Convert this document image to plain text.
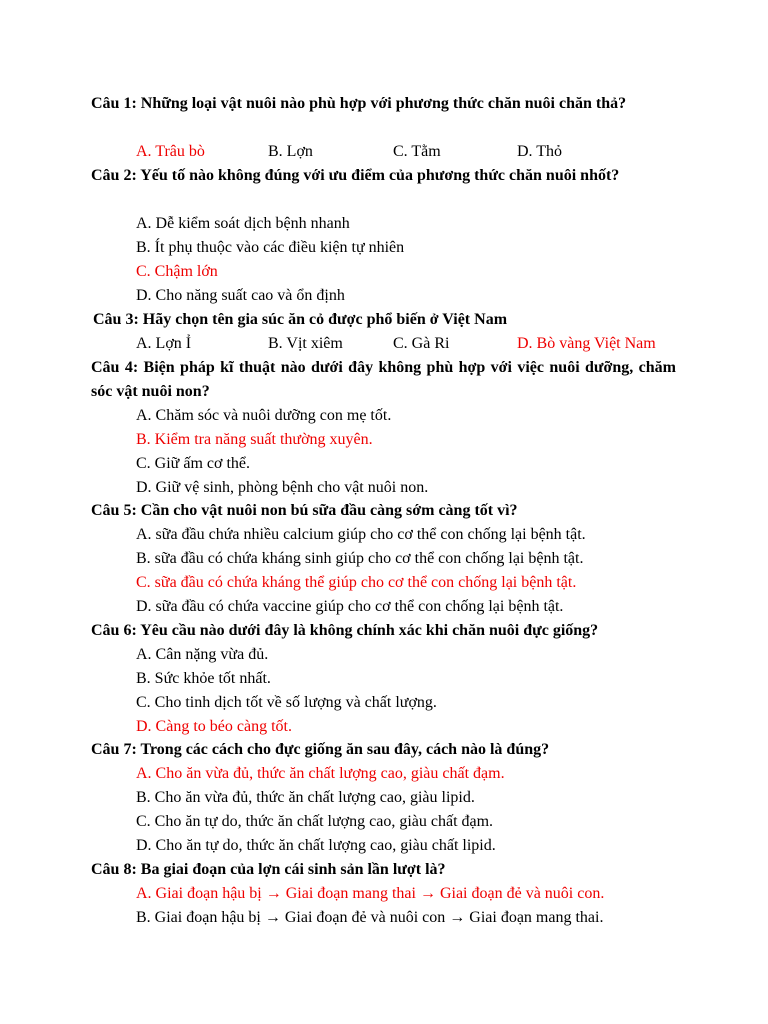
Câu 1: Những loại vật nuôi nào phù hợp với phương thức chăn nuôi chăn thả?
A. Trâu bò	B. Lợn	C. Tằm	D. Thỏ
Câu 2: Yếu tố nào không đúng với ưu điểm của phương thức chăn nuôi nhốt?
A. Dễ kiểm soát dịch bệnh nhanh
B. Ít phụ thuộc vào các điều kiện tự nhiên
C. Chậm lớn
D. Cho năng suất cao và ổn định
Câu 3: Hãy chọn tên gia súc ăn cỏ được phổ biến ở Việt Nam
A. Lợn Ỉ	B. Vịt xiêm	C. Gà Ri	D. Bò vàng Việt Nam
Câu 4: Biện pháp kĩ thuật nào dưới đây không phù hợp với việc nuôi dưỡng, chăm sóc vật nuôi non?
A. Chăm sóc và nuôi dưỡng con mẹ tốt.
B. Kiểm tra năng suất thường xuyên.
C. Giữ ấm cơ thể.
D. Giữ vệ sinh, phòng bệnh cho vật nuôi non.
Câu 5: Cần cho vật nuôi non bú sữa đầu càng sớm càng tốt vì?
A. sữa đầu chứa nhiều calcium giúp cho cơ thể con chống lại bệnh tật.
B. sữa đầu có chứa kháng sinh giúp cho cơ thể con chống lại bệnh tật.
C. sữa đầu có chứa kháng thể giúp cho cơ thể con chống lại bệnh tật.
D. sữa đầu có chứa vaccine giúp cho cơ thể con chống lại bệnh tật.
Câu 6: Yêu cầu nào dưới đây là không chính xác khi chăn nuôi đực giống?
A. Cân nặng vừa đủ.
B. Sức khỏe tốt nhất.
C. Cho tinh dịch tốt về số lượng và chất lượng.
D. Càng to béo càng tốt.
Câu 7: Trong các cách cho đực giống ăn sau đây, cách nào là đúng?
A. Cho ăn vừa đủ, thức ăn chất lượng cao, giàu chất đạm.
B. Cho ăn vừa đủ, thức ăn chất lượng cao, giàu lipid.
C. Cho ăn tự do, thức ăn chất lượng cao, giàu chất đạm.
D. Cho ăn tự do, thức ăn chất lượng cao, giàu chất lipid.
Câu 8: Ba giai đoạn của lợn cái sinh sản lần lượt là?
A. Giai đoạn hậu bị → Giai đoạn mang thai → Giai đoạn đẻ và nuôi con.
B. Giai đoạn hậu bị → Giai đoạn đẻ và nuôi con → Giai đoạn mang thai.
